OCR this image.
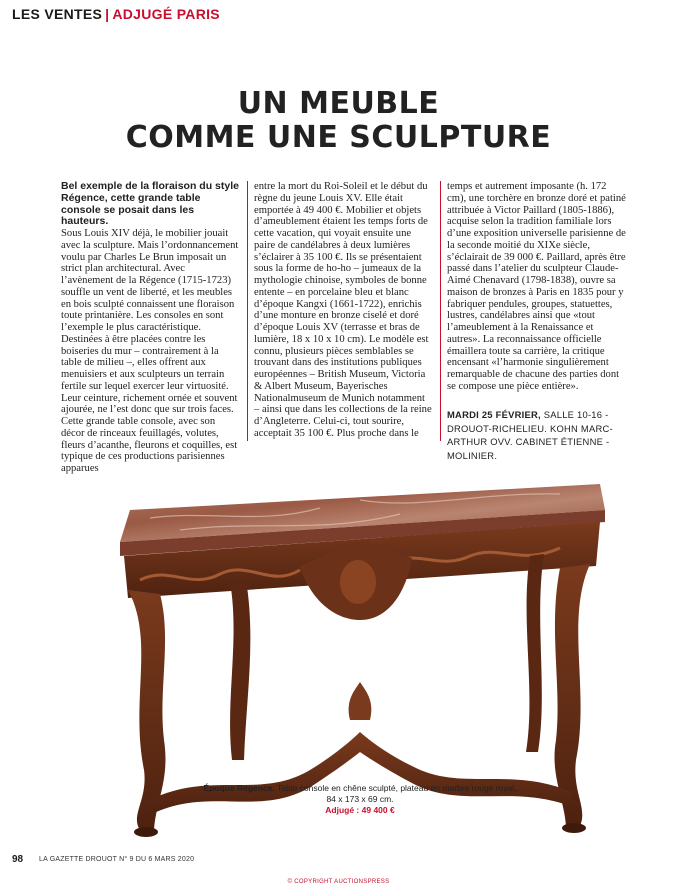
LES VENTES | ADJUGÉ PARIS
UN MEUBLE
COMME UNE SCULPTURE

Bel exemple de la floraison du style Régence, cette grande table console se posait dans les hauteurs.

Sous Louis XIV déjà, le mobilier jouait avec la sculpture. Mais l’ordonnancement voulu par Charles Le Brun imposait un strict plan architectural. Avec l’avènement de la Régence (1715-1723) souffle un vent de liberté, et les meubles en bois sculpté connaissent une floraison toute printanière. Les consoles en sont l’exemple le plus caractéristique. Destinées à être placées contre les boiseries du mur – contrairement à la table de milieu –, elles offrent aux menuisiers et aux sculpteurs un terrain fertile sur lequel exercer leur virtuosité. Leur ceinture, richement ornée et souvent ajourée, ne l’est donc que sur trois faces. Cette grande table console, avec son décor de rinceaux feuillagés, volutes, fleurs d’acanthe, fleurons et coquilles, est typique de ces productions parisiennes apparues

entre la mort du Roi-Soleil et le début du règne du jeune Louis XV. Elle était emportée à 49 400 €. Mobilier et objets d’ameublement étaient les temps forts de cette vacation, qui voyait ensuite une paire de candélabres à deux lumières s’éclairer à 35 100 €. Ils se présentaient sous la forme de ho-ho – jumeaux de la mythologie chinoise, symboles de bonne entente – en porcelaine bleu et blanc d’époque Kangxi (1661-1722), enrichis d’une monture en bronze ciselé et doré d’époque Louis XV (terrasse et bras de lumière, 18 x 10 x 10 cm). Le modèle est connu, plusieurs pièces semblables se trouvant dans des institutions publiques européennes – British Museum, Victoria & Albert Museum, Bayerisches Nationalmuseum de Munich notamment – ainsi que dans les collections de la reine d’Angleterre. Celui-ci, tout sourire, acceptait 35 100 €. Plus proche dans le

temps et autrement imposante (h. 172 cm), une torchère en bronze doré et patiné attribuée à Victor Paillard (1805-1886), acquise selon la tradition familiale lors d’une exposition universelle parisienne de la seconde moitié du XIXe siècle, s’éclairait de 39 000 €. Paillard, après être passé dans l’atelier du sculpteur Claude-Aimé Chenavard (1798-1838), ouvre sa maison de bronzes à Paris en 1835 pour y fabriquer pendules, groupes, statuettes, lustres, candélabres ainsi que «tout l’ameublement à la Renaissance et autres». La reconnaissance officielle émaillera toute sa carrière, la critique encensant «l’harmonie singulièrement remarquable de chacune des parties dont se compose une pièce entière».

MARDI 25 FÉVRIER, SALLE 10-16 - DROUOT-RICHELIEU. KOHN MARC-ARTHUR OVV. CABINET ÉTIENNE - MOLINIER.
Époque Régence. Table console en chêne sculpté, plateau en marbre rouge royal, 84 x 173 x 69 cm.
Adjugé : 49 400 €
98 LA GAZETTE DROUOT N° 9 DU 6 MARS 2020
© COPYRIGHT AUCTIONSPRESS
